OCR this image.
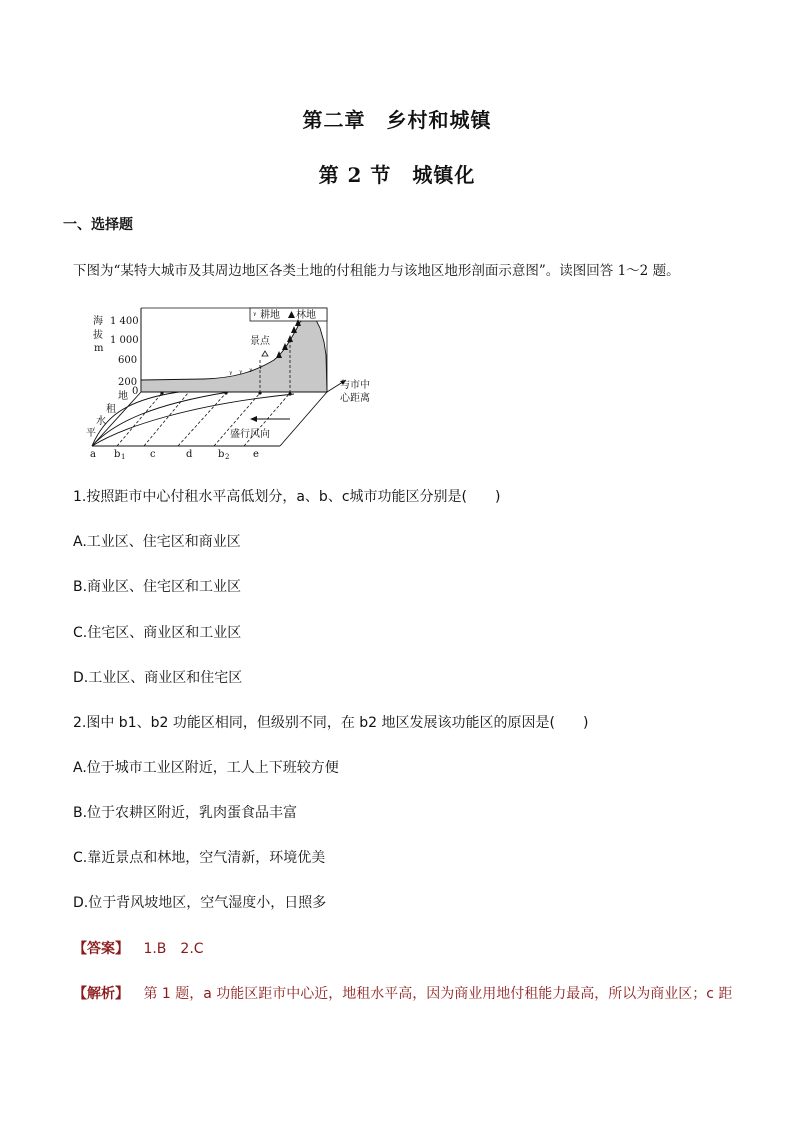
第二章　乡村和城镇
第 2 节　城镇化
一、选择题
下图为“某特大城市及其周边地区各类土地的付租能力与该地区地形剖面示意图”。读图回答 1～2 题。
海
拔
m
1 400
1 000
600
200
0
ᵞ 耕地 林地
ᵞ ᵞ ᵞ ᵞ
景点
地
租
水
平
与市中
心距离
盛行风向
a b 1 c	d	b 2 e
1.按照距市中心付租水平高低划分，a、b、c城市功能区分别是(　　)
A.工业区、住宅区和商业区
B.商业区、住宅区和工业区
C.住宅区、商业区和工业区
D.工业区、商业区和住宅区
2.图中 b1、b2 功能区相同，但级别不同，在 b2 地区发展该功能区的原因是(　　)
A.位于城市工业区附近，工人上下班较方便
B.位于农耕区附近，乳肉蛋食品丰富
C.靠近景点和林地，空气清新，环境优美
D.位于背风坡地区，空气湿度小，日照多
【答案】 1.B　2.C
【解析】 第 1 题，a 功能区距市中心近，地租水平高，因为商业用地付租能力最高，所以为商业区；c 距
